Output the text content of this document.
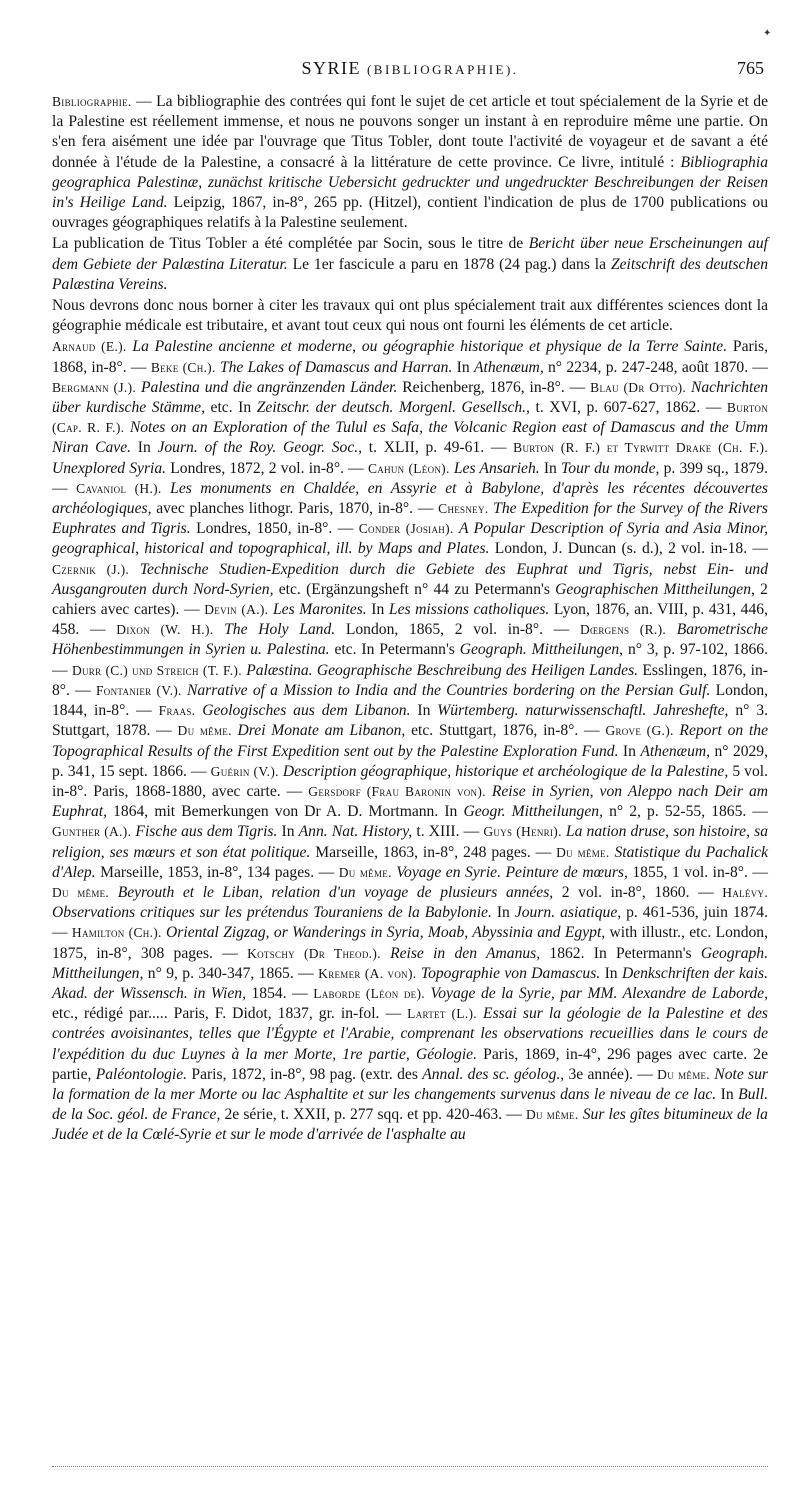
✦
SYRIE (BIBLIOGRAPHIE).	765

Bibliographie. — La bibliographie des contrées qui font le sujet de cet article et tout spécialement de la Syrie et de la Palestine est réellement immense, et nous ne pouvons songer un instant à en reproduire même une partie. On s'en fera aisément une idée par l'ouvrage que Titus Tobler, dont toute l'activité de voyageur et de savant a été donnée à l'étude de la Palestine, a consacré à la littérature de cette province. Ce livre, intitulé : Bibliographia geographica Palestinæ, zunächst kritische Uebersicht gedruckter und ungedruckter Beschreibungen der Reisen in's Heilige Land. Leipzig, 1867, in-8°, 265 pp. (Hitzel), contient l'indication de plus de 1700 publications ou ouvrages géographiques relatifs à la Palestine seulement.

La publication de Titus Tobler a été complétée par Socin, sous le titre de Bericht über neue Erscheinungen auf dem Gebiete der Palæstina Literatur. Le 1er fascicule a paru en 1878 (24 pag.) dans la Zeitschrift des deutschen Palæstina Vereins.

Nous devrons donc nous borner à citer les travaux qui ont plus spécialement trait aux différentes sciences dont la géographie médicale est tributaire, et avant tout ceux qui nous ont fourni les éléments de cet article.

Arnaud (E.). La Palestine ancienne et moderne, ou géographie historique et physique de la Terre Sainte. Paris, 1868, in-8°. — Beke (Ch.). The Lakes of Damascus and Harran. In Athenæum, n° 2234, p. 247-248, août 1870. — Bergmann (J.). Palestina und die angränzenden Länder. Reichenberg, 1876, in-8°. — Blau (Dr Otto). Nachrichten über kurdische Stämme, etc. In Zeitschr. der deutsch. Morgenl. Gesellsch., t. XVI, p. 607-627, 1862. — Burton (Cap. R. F.). Notes on an Exploration of the Tulul es Safa, the Volcanic Region east of Damascus and the Umm Niran Cave. In Journ. of the Roy. Geogr. Soc., t. XLII, p. 49-61. — Burton (R. F.) et Tyrwitt Drake (Ch. F.). Unexplored Syria. Londres, 1872, 2 vol. in-8°. — Cahun (Léon). Les Ansarieh. In Tour du monde, p. 399 sq., 1879. — Cavaniol (H.). Les monuments en Chaldée, en Assyrie et à Babylone, d'après les récentes découvertes archéologiques, avec planches lithogr. Paris, 1870, in-8°. — Chesney. The Expedition for the Survey of the Rivers Euphrates and Tigris. Londres, 1850, in-8°. — Conder (Josiah). A Popular Description of Syria and Asia Minor, geographical, historical and topographical, ill. by Maps and Plates. London, J. Duncan (s. d.), 2 vol. in-18. — Czernik (J.). Technische Studien-Expedition durch die Gebiete des Euphrat und Tigris, nebst Ein- und Ausgangrouten durch Nord-Syrien, etc. (Ergänzungsheft n° 44 zu Petermann's Geographischen Mittheilungen, 2 cahiers avec cartes). — Devin (A.). Les Maronites. In Les missions catholiques. Lyon, 1876, an. VIII, p. 431, 446, 458. — Dixon (W. H.). The Holy Land. London, 1865, 2 vol. in-8°. — Dœrgens (R.). Barometrische Höhenbestimmungen in Syrien u. Palestina. etc. In Petermann's Geograph. Mittheilungen, n° 3, p. 97-102, 1866. — Durr (C.) und Streich (T. F.). Palæstina. Geographische Beschreibung des Heiligen Landes. Esslingen, 1876, in-8°. — Fontanier (V.). Narrative of a Mission to India and the Countries bordering on the Persian Gulf. London, 1844, in-8°. — Fraas. Geologisches aus dem Libanon. In Würtemberg. naturwissenschaftl. Jahreshefte, n° 3. Stuttgart, 1878. — Du même. Drei Monate am Libanon, etc. Stuttgart, 1876, in-8°. — Grove (G.). Report on the Topographical Results of the First Expedition sent out by the Palestine Exploration Fund. In Athenæum, n° 2029, p. 341, 15 sept. 1866. — Guérin (V.). Description géographique, historique et archéologique de la Palestine, 5 vol. in-8°. Paris, 1868-1880, avec carte. — Gersdorf (Frau Baronin von). Reise in Syrien, von Aleppo nach Deir am Euphrat, 1864, mit Bemerkungen von Dr A. D. Mortmann. In Geogr. Mittheilungen, n° 2, p. 52-55, 1865. — Gunther (A.). Fische aus dem Tigris. In Ann. Nat. History, t. XIII. — Guys (Henri). La nation druse, son histoire, sa religion, ses mœurs et son état politique. Marseille, 1863, in-8°, 248 pages. — Du même. Statistique du Pachalick d'Alep. Marseille, 1853, in-8°, 134 pages. — Du même. Voyage en Syrie. Peinture de mœurs, 1855, 1 vol. in-8°. — Du même. Beyrouth et le Liban, relation d'un voyage de plusieurs années, 2 vol. in-8°, 1860. — Halévy. Observations critiques sur les prétendus Touraniens de la Babylonie. In Journ. asiatique, p. 461-536, juin 1874. — Hamilton (Ch.). Oriental Zigzag, or Wanderings in Syria, Moab, Abyssinia and Egypt, with illustr., etc. London, 1875, in-8°, 308 pages. — Kotschy (Dr Theod.). Reise in den Amanus, 1862. In Petermann's Geograph. Mittheilungen, n° 9, p. 340-347, 1865. — Kremer (A. von). Topographie von Damascus. In Denkschriften der kais. Akad. der Wissensch. in Wien, 1854. — Laborde (Léon de). Voyage de la Syrie, par MM. Alexandre de Laborde, etc., rédigé par..... Paris, F. Didot, 1837, gr. in-fol. — Lartet (L.). Essai sur la géologie de la Palestine et des contrées avoisinantes, telles que l'Égypte et l'Arabie, comprenant les observations recueillies dans le cours de l'expédition du duc Luynes à la mer Morte, 1re partie, Géologie. Paris, 1869, in-4°, 296 pages avec carte. 2e partie, Paléontologie. Paris, 1872, in-8°, 98 pag. (extr. des Annal. des sc. géolog., 3e année). — Du même. Note sur la formation de la mer Morte ou lac Asphaltite et sur les changements survenus dans le niveau de ce lac. In Bull. de la Soc. géol. de France, 2e série, t. XXII, p. 277 sqq. et pp. 420-463. — Du même. Sur les gîtes bitumineux de la Judée et de la Cœlé-Syrie et sur le mode d'arrivée de l'asphalte au
